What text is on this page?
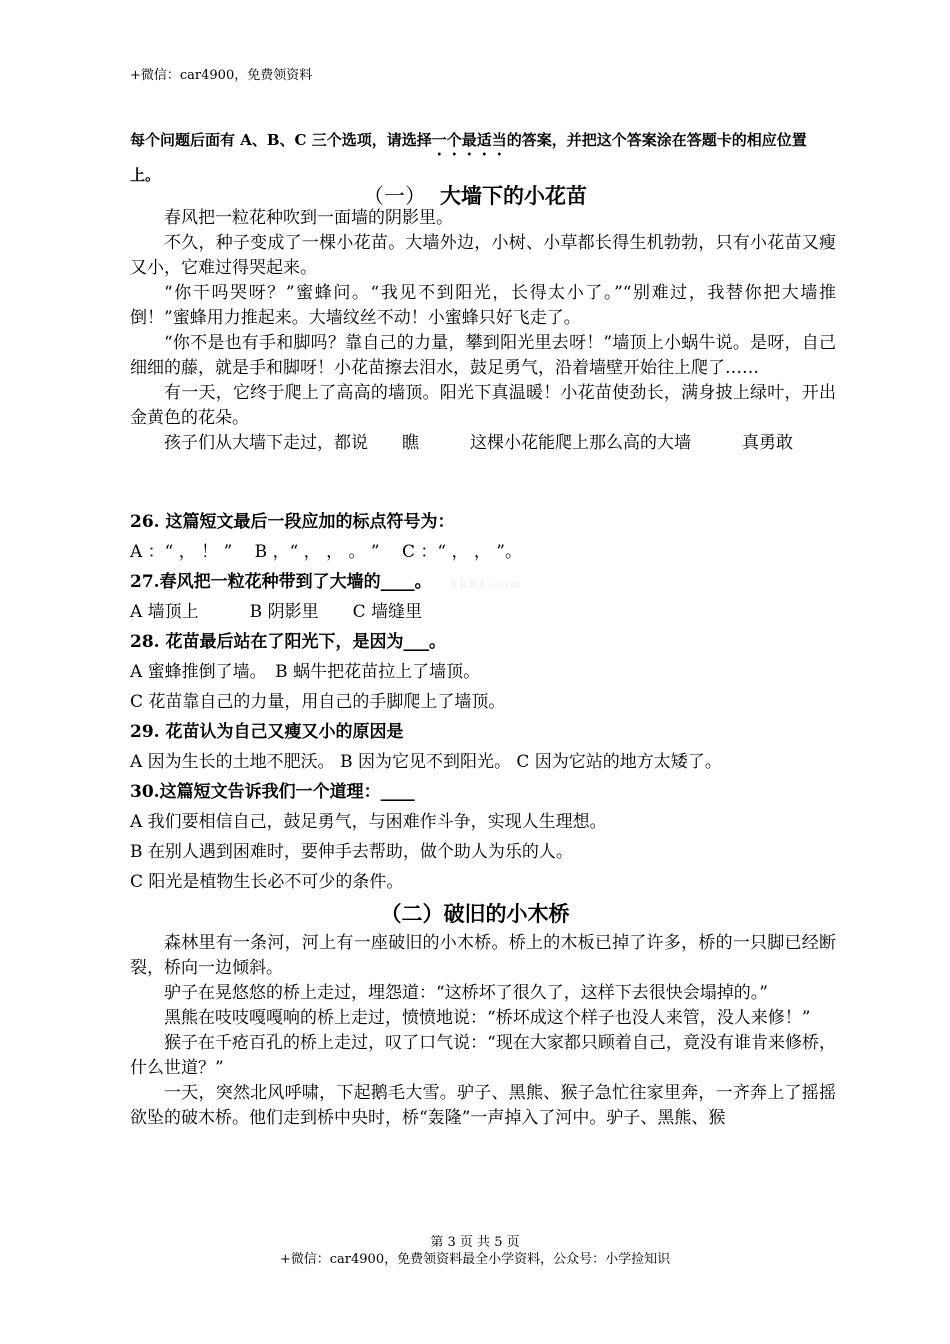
+微信：car4900，免费领资料
每个问题后面有 A、B、C 三个选项，请选择一个最适当的答案，并把这个答案涂在答题卡的相应位置上。
（一） 大墙下的小花苗

春风把一粒花种吹到一面墙的阴影里。

不久，种子变成了一棵小花苗。大墙外边，小树、小草都长得生机勃勃，只有小花苗又瘦又小，它难过得哭起来。

“你干吗哭呀？”蜜蜂问。“我见不到阳光，长得太小了。”“别难过，我替你把大墙推倒！”蜜蜂用力推起来。大墙纹丝不动！小蜜蜂只好飞走了。

“你不是也有手和脚吗？靠自己的力量，攀到阳光里去呀！”墙顶上小蜗牛说。是呀，自己细细的藤，就是手和脚呀！小花苗擦去泪水，鼓足勇气，沿着墙壁开始往上爬了……

有一天，它终于爬上了高高的墙顶。阳光下真温暖！小花苗使劲长，满身披上绿叶，开出金黄色的花朵。

孩子们从大墙下走过，都说　　瞧　　　这棵小花能爬上那么高的大墙　　　真勇敢

26. 这篇短文最后一段应加的标点符号为：
A ：“ ， ！ ”　 B ，“ ， ， 。 ”　 C ：“ ， ， ”。
27.春风把一粒花种带到了大墙的____。
A 墙顶上　　　B 阴影里　　C 墙缝里
XkB1.com
28. 花苗最后站在了阳光下，是因为___。
A 蜜蜂推倒了墙。　B 蜗牛把花苗拉上了墙顶。
C 花苗靠自己的力量，用自己的手脚爬上了墙顶。
29. 花苗认为自己又瘦又小的原因是
A 因为生长的土地不肥沃。 B 因为它见不到阳光。 C 因为它站的地方太矮了。
30.这篇短文告诉我们一个道理：____
A 我们要相信自己，鼓足勇气，与困难作斗争，实现人生理想。
B 在别人遇到困难时，要伸手去帮助，做个助人为乐的人。
C 阳光是植物生长必不可少的条件。
（二）破旧的小木桥

森林里有一条河，河上有一座破旧的小木桥。桥上的木板已掉了许多，桥的一只脚已经断裂，桥向一边倾斜。

驴子在晃悠悠的桥上走过，埋怨道：“这桥坏了很久了，这样下去很快会塌掉的。”

黑熊在吱吱嘎嘎响的桥上走过，愤愤地说：“桥坏成这个样子也没人来管，没人来修！”

猴子在千疮百孔的桥上走过，叹了口气说：“现在大家都只顾着自己，竟没有谁肯来修桥，什么世道？”

一天，突然北风呼啸，下起鹅毛大雪。驴子、黑熊、猴子急忙往家里奔，一齐奔上了摇摇欲坠的破木桥。他们走到桥中央时，桥“轰隆”一声掉入了河中。驴子、黑熊、猴

第 3 页 共 5 页
+微信：car4900，免费领资料最全小学资料，公众号：小学捡知识
